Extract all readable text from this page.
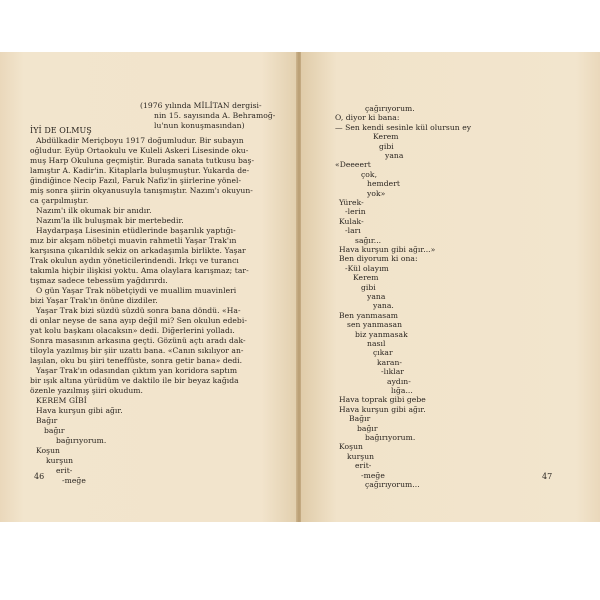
(1976 yılında MİLİTAN dergisi-
nin 15. sayısında A. Behramoğ-
lu'nun konuşmasından)
İYİ DE OLMUŞ
Abdülkadir Meriçboyu 1917 doğumludur. Bir subayın
oğludur. Eyüp Ortaokulu ve Kuleli Askeri Lisesinde oku-
muş Harp Okuluna geçmiştir. Burada sanata tutkusu baş-
lamıştır A. Kadir'in. Kitaplarla buluşmuştur. Yukarda de-
ğindiğince Necip Fazıl, Faruk Nafiz'in şiirlerine yönel-
miş sonra şiirin okyanusuyla tanışmıştır. Nazım'ı okuyun-
ca çarpılmıştır.
Nazım'ı ilk okumak bir anıdır.
Nazım'la ilk buluşmak bir mertebedir.
Haydarpaşa Lisesinin etüdlerinde başarılık yaptığı-
mız bir akşam nöbetçi muavin rahmetli Yaşar Trak'ın
karşısına çıkarıldık sekiz on arkadaşımla birlikte. Yaşar
Trak okulun aydın yöneticilerindendi. Irkçı ve turancı
takımla hiçbir ilişkisi yoktu. Ama olaylara karışmaz; tar-
tışmaz sadece tebessüm yağdırırdı.
O gün Yaşar Trak nöbetçiydi ve muallim muavinleri
bizi Yaşar Trak'ın önüne dizdiler.
Yaşar Trak bizi süzdü süzdü sonra bana döndü. «Ha-
di onlar neyse de sana ayıp değil mi? Sen okulun edebi-
yat kolu başkanı olacaksın» dedi. Diğerlerini yolladı.
Sonra masasının arkasına geçti. Gözünü açtı aradı dak-
tiloyla yazılmış bir şiir uzattı bana. «Canın sıkılıyor an-
laşılan, oku bu şiiri teneffüste, sonra getir bana» dedi.
Yaşar Trak'ın odasından çıktım yan koridora saptım
bir ışık altına yürüdüm ve daktilo ile bir beyaz kağıda
özenle yazılmış şiiri okudum.
KEREM GİBİ
Hava kurşun gibi ağır.
Bağır
bağır
bağırıyorum.
Koşun
kurşun
erit-
-meğe
46
çağırıyorum.
O, diyor ki bana:
— Sen kendi sesinle kül olursun ey
Kerem
gibi
yana
«Deeeert
çok,
hemdert
yok»
Yürek-
-lerin
Kulak-
-ları
sağır...
Hava kurşun gibi ağır...»
Ben diyorum ki ona:
-Kül olayım
Kerem
gibi
yana
yana.
Ben yanmasam
sen yanmasan
biz yanmasak
nasıl
çıkar
karan-
-lıklar
aydın-
lığa...
Hava toprak gibi gebe
Hava kurşun gibi ağır.
Bağır
bağır
bağırıyorum.
Koşun
kurşun
erit-
-meğe
çağırıyorum...
47
